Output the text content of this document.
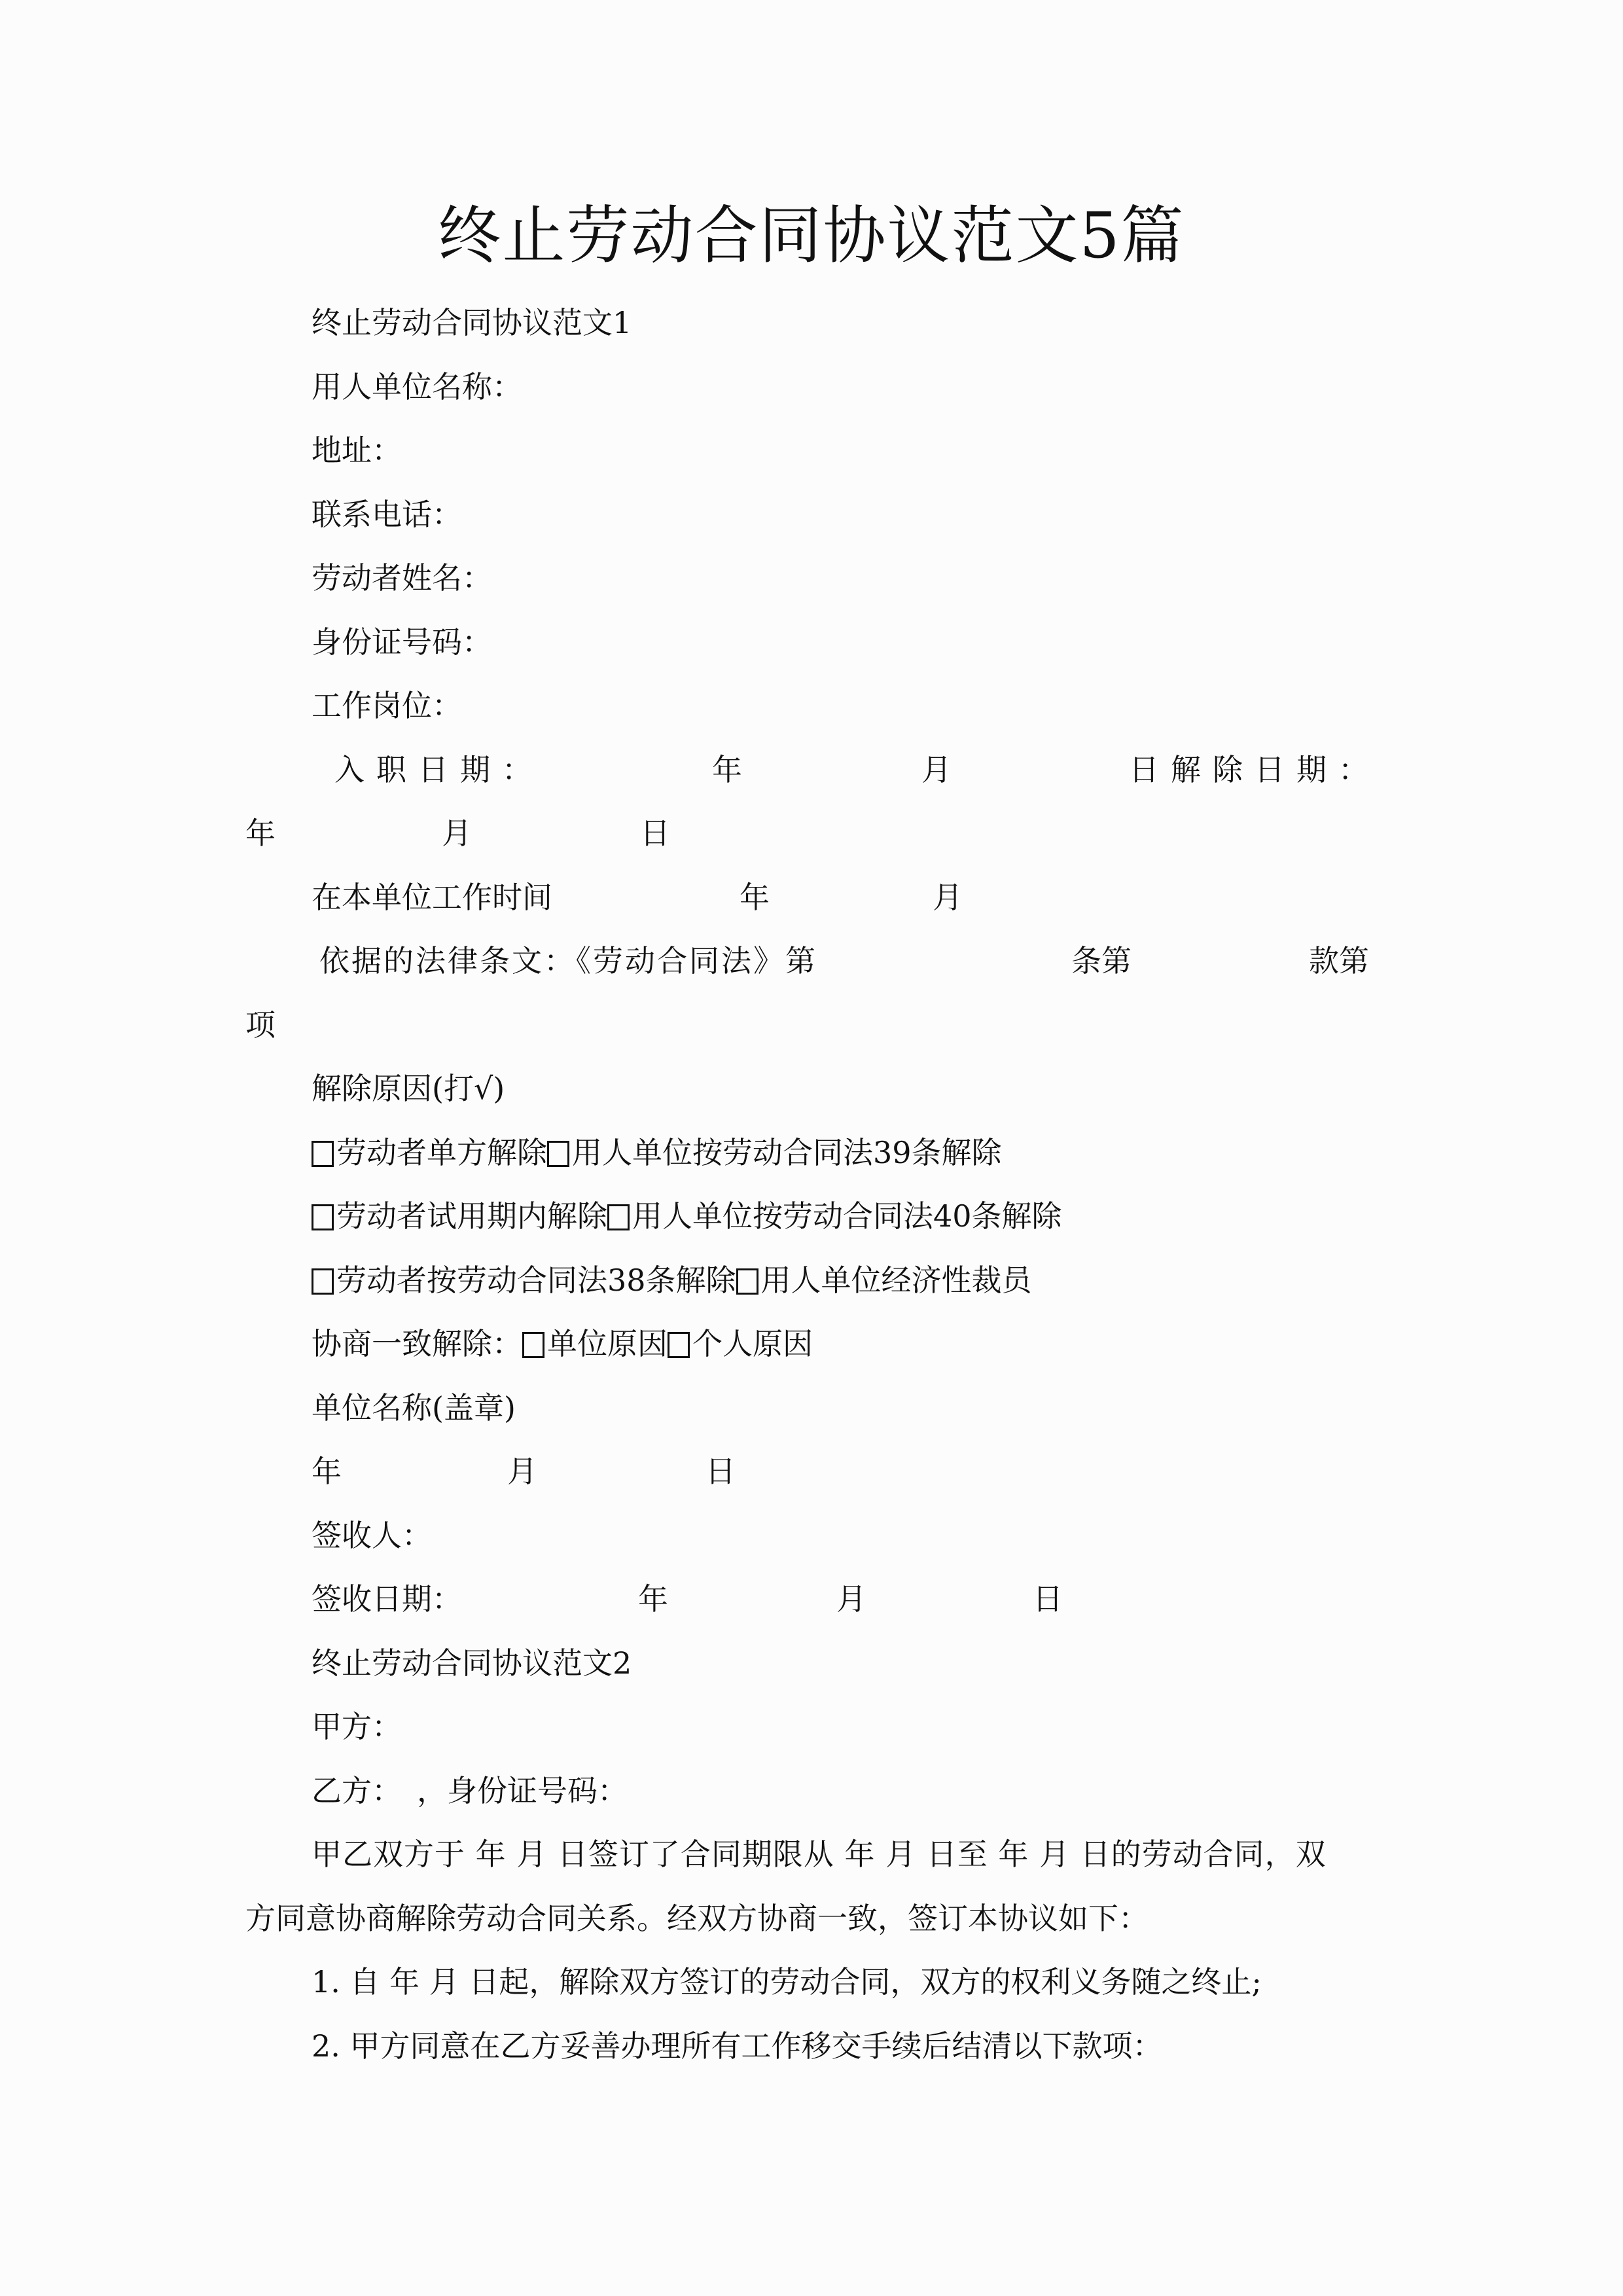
终止劳动合同协议范文5篇
终止劳动合同协议范文1
用人单位名称：
地址：
联系电话：
劳动者姓名：
身份证号码：
工作岗位：
入职日期：	年	月	日解除日期：
年	月	日
在本单位工作时间	年	月
依据的法律条文：《劳动合同法》第	条第	款第
项
解除原因(打√)
劳动者单方解除 用人单位按劳动合同法39条解除
劳动者试用期内解除 用人单位按劳动合同法40条解除
劳动者按劳动合同法38条解除 用人单位经济性裁员
协商一致解除： 单位原因 个人原因
单位名称(盖章)
年	月	日
签收人：
签收日期：	年	月	日
终止劳动合同协议范文2
甲方：
乙方：　，身份证号码：
甲乙双方于 年 月 日签订了合同期限从 年 月 日至 年 月 日的劳动合同，双
方同意协商解除劳动合同关系。经双方协商一致，签订本协议如下：
1. 自 年 月 日起，解除双方签订的劳动合同，双方的权利义务随之终止;
2. 甲方同意在乙方妥善办理所有工作移交手续后结清以下款项：
